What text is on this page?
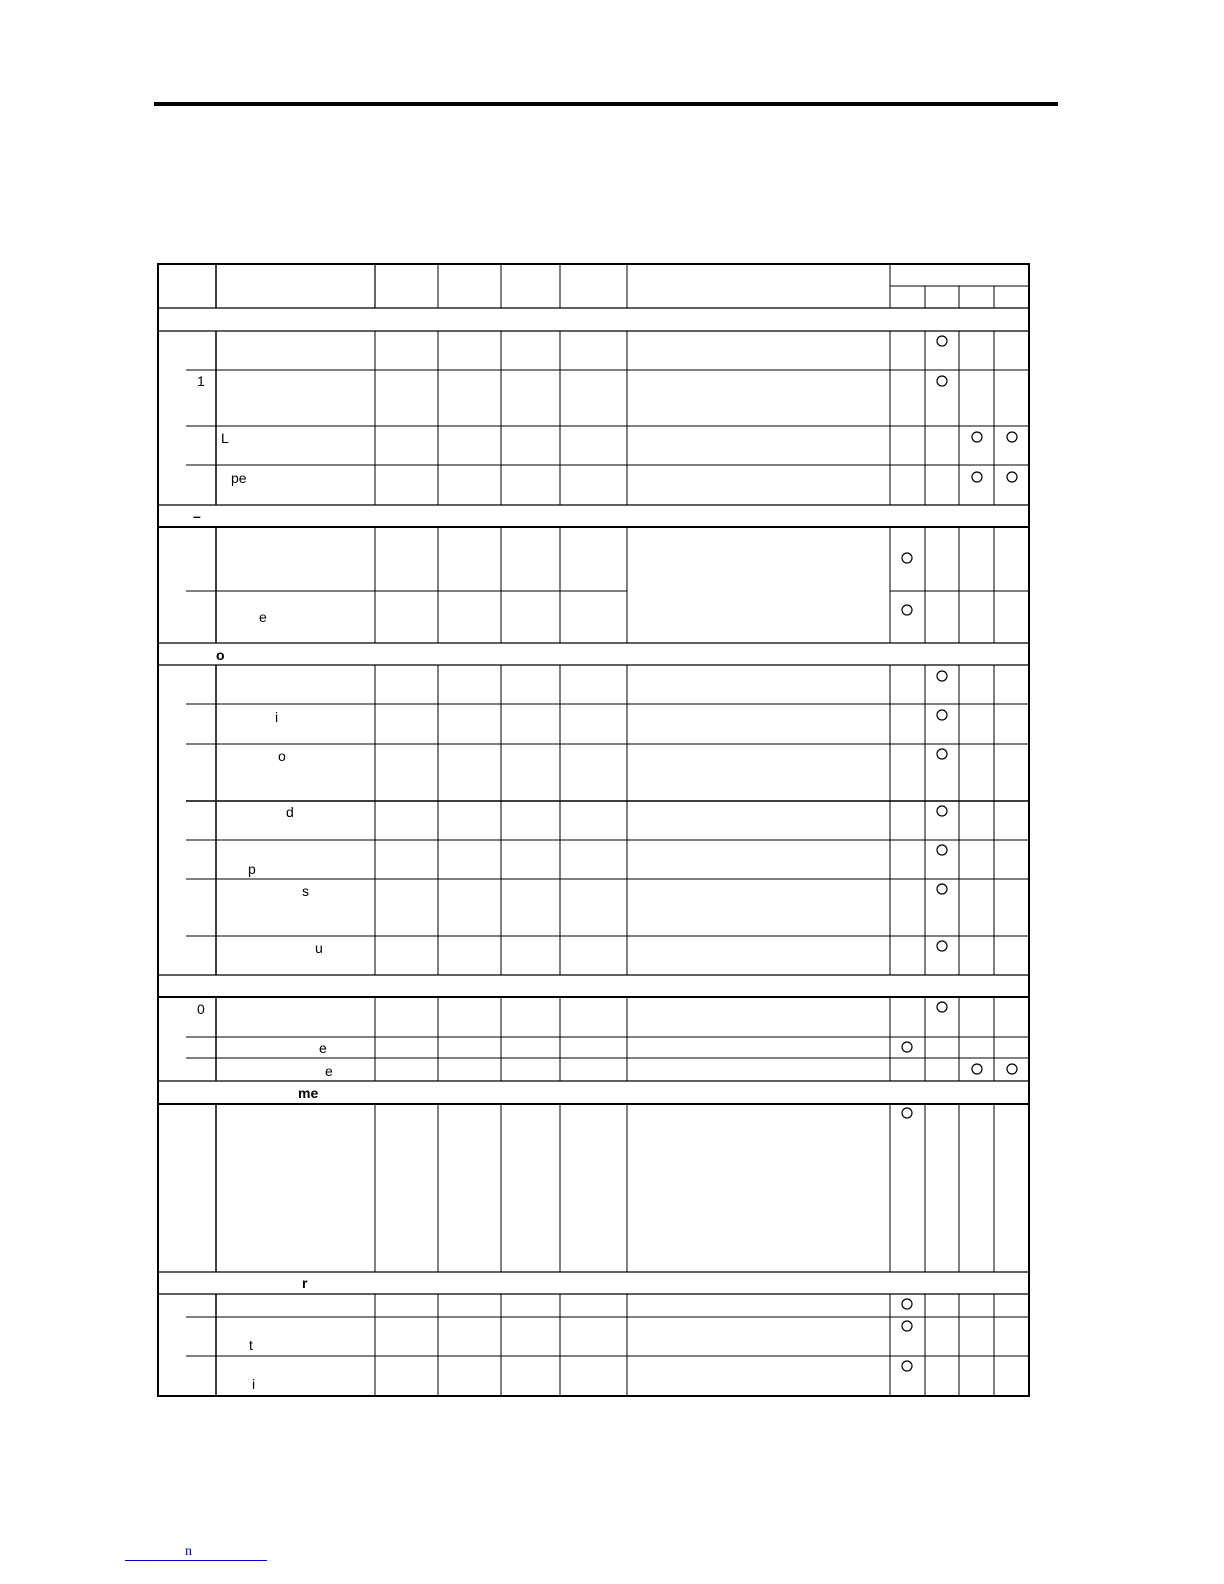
1
L
pe
–
e
o
i
o
d
p
s
u
0
e
e
me
r
t
i
n
